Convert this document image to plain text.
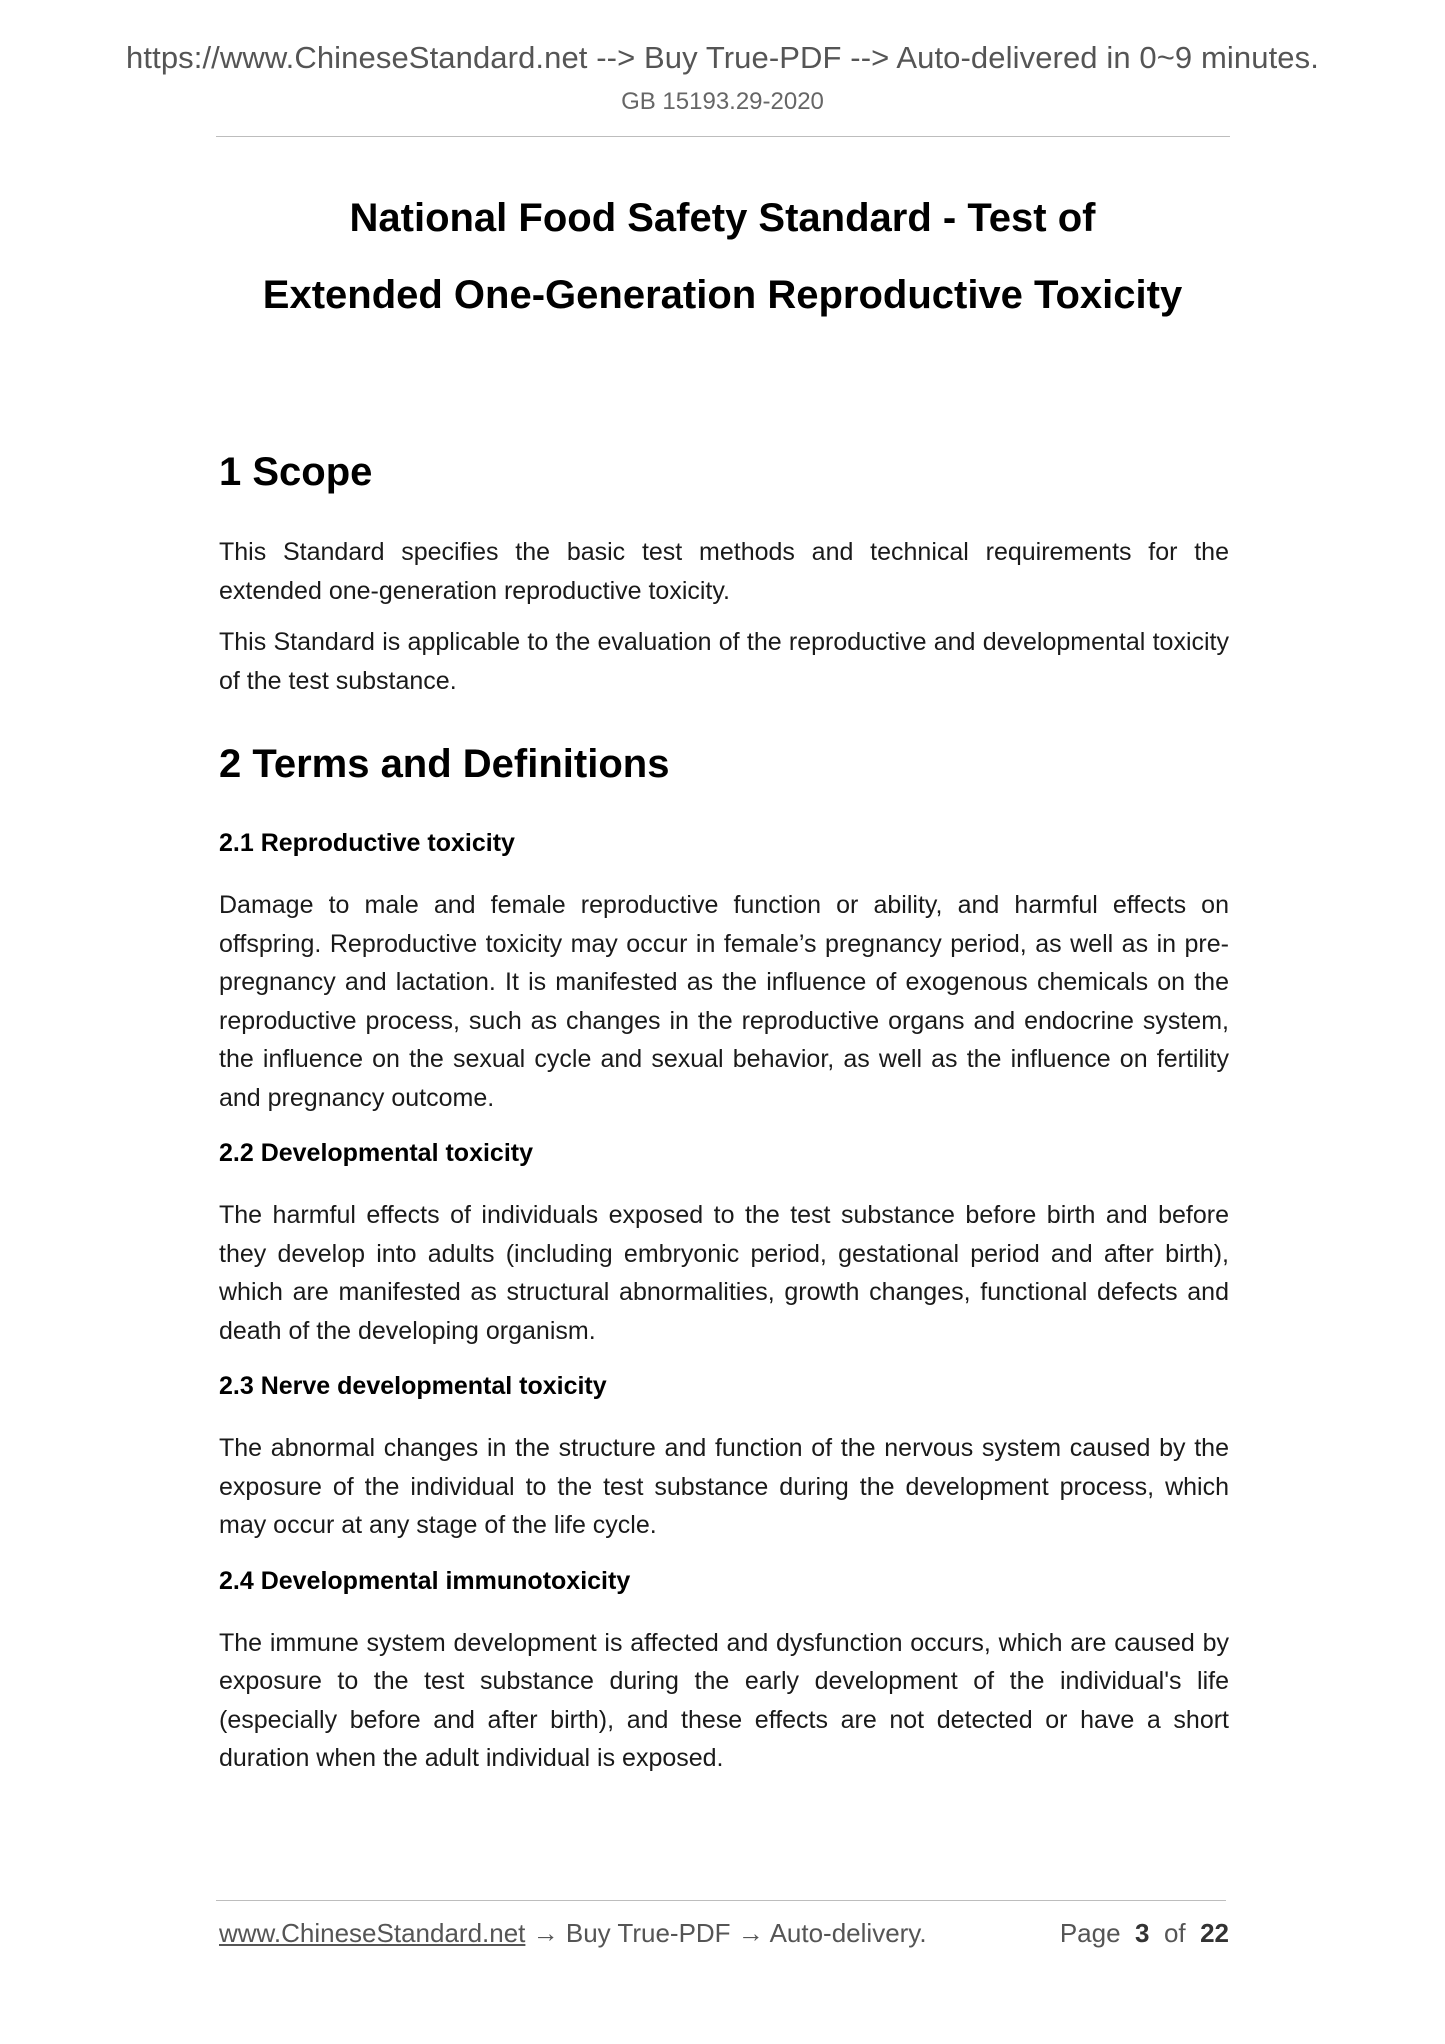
https://www.ChineseStandard.net --> Buy True-PDF --> Auto-delivered in 0~9 minutes.
GB 15193.29-2020
National Food Safety Standard - Test of
Extended One-Generation Reproductive Toxicity
1 Scope

This Standard specifies the basic test methods and technical requirements for the extended one-generation reproductive toxicity.

This Standard is applicable to the evaluation of the reproductive and developmental toxicity of the test substance.

2 Terms and Definitions
2.1 Reproductive toxicity

Damage to male and female reproductive function or ability, and harmful effects on offspring. Reproductive toxicity may occur in female’s pregnancy period, as well as in pre-pregnancy and lactation. It is manifested as the influence of exogenous chemicals on the reproductive process, such as changes in the reproductive organs and endocrine system, the influence on the sexual cycle and sexual behavior, as well as the influence on fertility and pregnancy outcome.

2.2 Developmental toxicity

The harmful effects of individuals exposed to the test substance before birth and before they develop into adults (including embryonic period, gestational period and after birth), which are manifested as structural abnormalities, growth changes, functional defects and death of the developing organism.

2.3 Nerve developmental toxicity

The abnormal changes in the structure and function of the nervous system caused by the exposure of the individual to the test substance during the development process, which may occur at any stage of the life cycle.

2.4 Developmental immunotoxicity

The immune system development is affected and dysfunction occurs, which are caused by exposure to the test substance during the early development of the individual's life (especially before and after birth), and these effects are not detected or have a short duration when the adult individual is exposed.

www.ChineseStandard.net → Buy True-PDF → Auto-delivery.	Page 3 of 22
